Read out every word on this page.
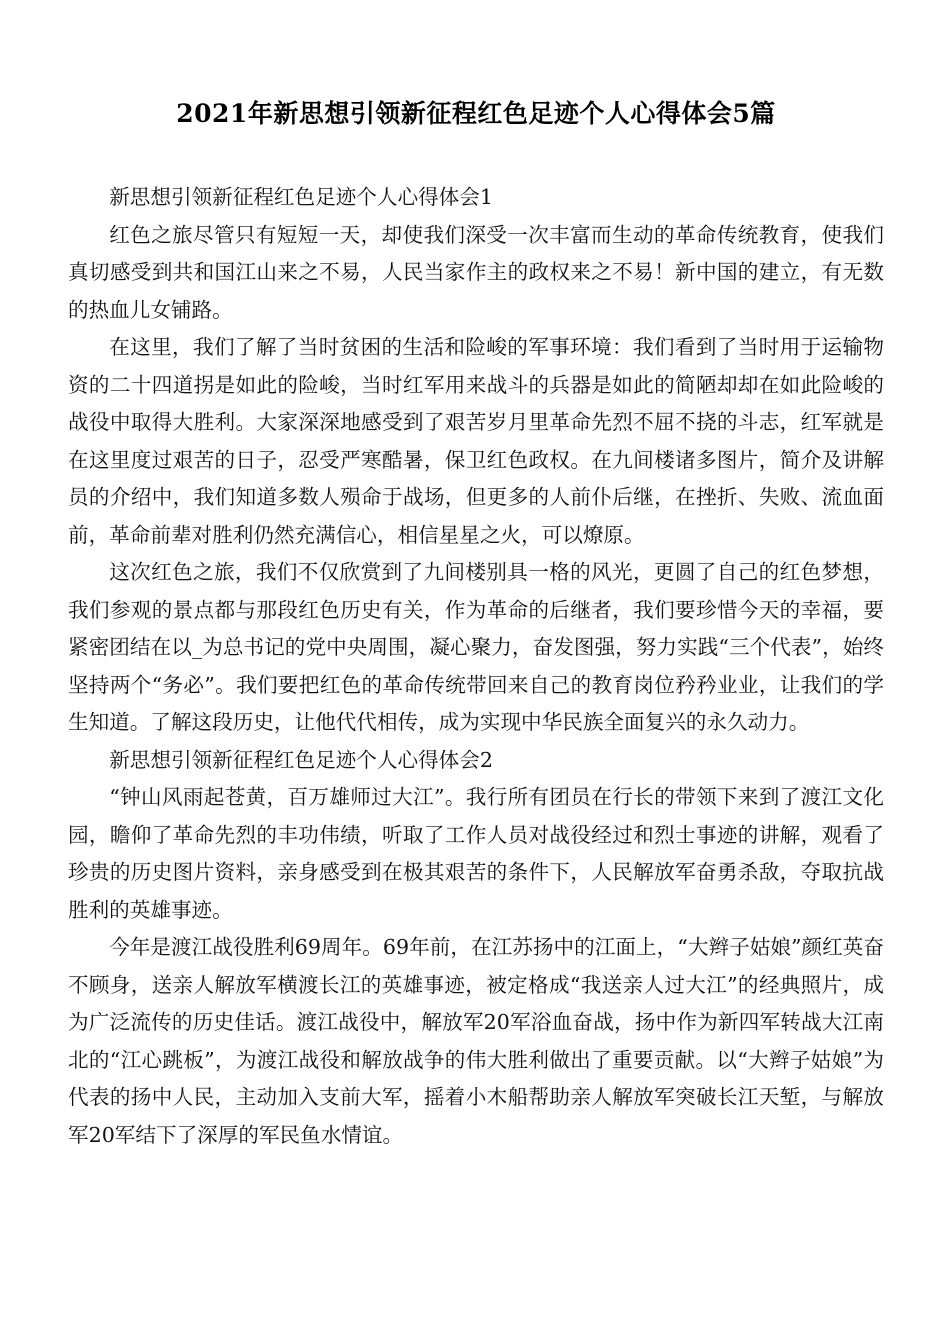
2021年新思想引领新征程红色足迹个人心得体会5篇

新思想引领新征程红色足迹个人心得体会1

红色之旅尽管只有短短一天，却使我们深受一次丰富而生动的革命传统教育，使我们真切感受到共和国江山来之不易，人民当家作主的政权来之不易！新中国的建立，有无数的热血儿女铺路。

在这里，我们了解了当时贫困的生活和险峻的军事环境：我们看到了当时用于运输物资的二十四道拐是如此的险峻，当时红军用来战斗的兵器是如此的简陋却却在如此险峻的战役中取得大胜利。大家深深地感受到了艰苦岁月里革命先烈不屈不挠的斗志，红军就是在这里度过艰苦的日子，忍受严寒酷暑，保卫红色政权。在九间楼诸多图片，简介及讲解员的介绍中，我们知道多数人殒命于战场，但更多的人前仆后继，在挫折、失败、流血面前，革命前辈对胜利仍然充满信心，相信星星之火，可以燎原。

这次红色之旅，我们不仅欣赏到了九间楼别具一格的风光，更圆了自己的红色梦想，我们参观的景点都与那段红色历史有关，作为革命的后继者，我们要珍惜今天的幸福，要紧密团结在以_为总书记的党中央周围，凝心聚力，奋发图强，努力实践“三个代表”，始终坚持两个“务必”。我们要把红色的革命传统带回来自己的教育岗位矜矜业业，让我们的学生知道。了解这段历史，让他代代相传，成为实现中华民族全面复兴的永久动力。

新思想引领新征程红色足迹个人心得体会2

“钟山风雨起苍黄，百万雄师过大江”。我行所有团员在行长的带领下来到了渡江文化园，瞻仰了革命先烈的丰功伟绩，听取了工作人员对战役经过和烈士事迹的讲解，观看了珍贵的历史图片资料，亲身感受到在极其艰苦的条件下，人民解放军奋勇杀敌，夺取抗战胜利的英雄事迹。

今年是渡江战役胜利69周年。69年前，在江苏扬中的江面上，“大辫子姑娘”颜红英奋不顾身，送亲人解放军横渡长江的英雄事迹，被定格成“我送亲人过大江”的经典照片，成为广泛流传的历史佳话。渡江战役中，解放军20军浴血奋战，扬中作为新四军转战大江南北的“江心跳板”，为渡江战役和解放战争的伟大胜利做出了重要贡献。以“大辫子姑娘”为代表的扬中人民，主动加入支前大军，摇着小木船帮助亲人解放军突破长江天堑，与解放军20军结下了深厚的军民鱼水情谊。
